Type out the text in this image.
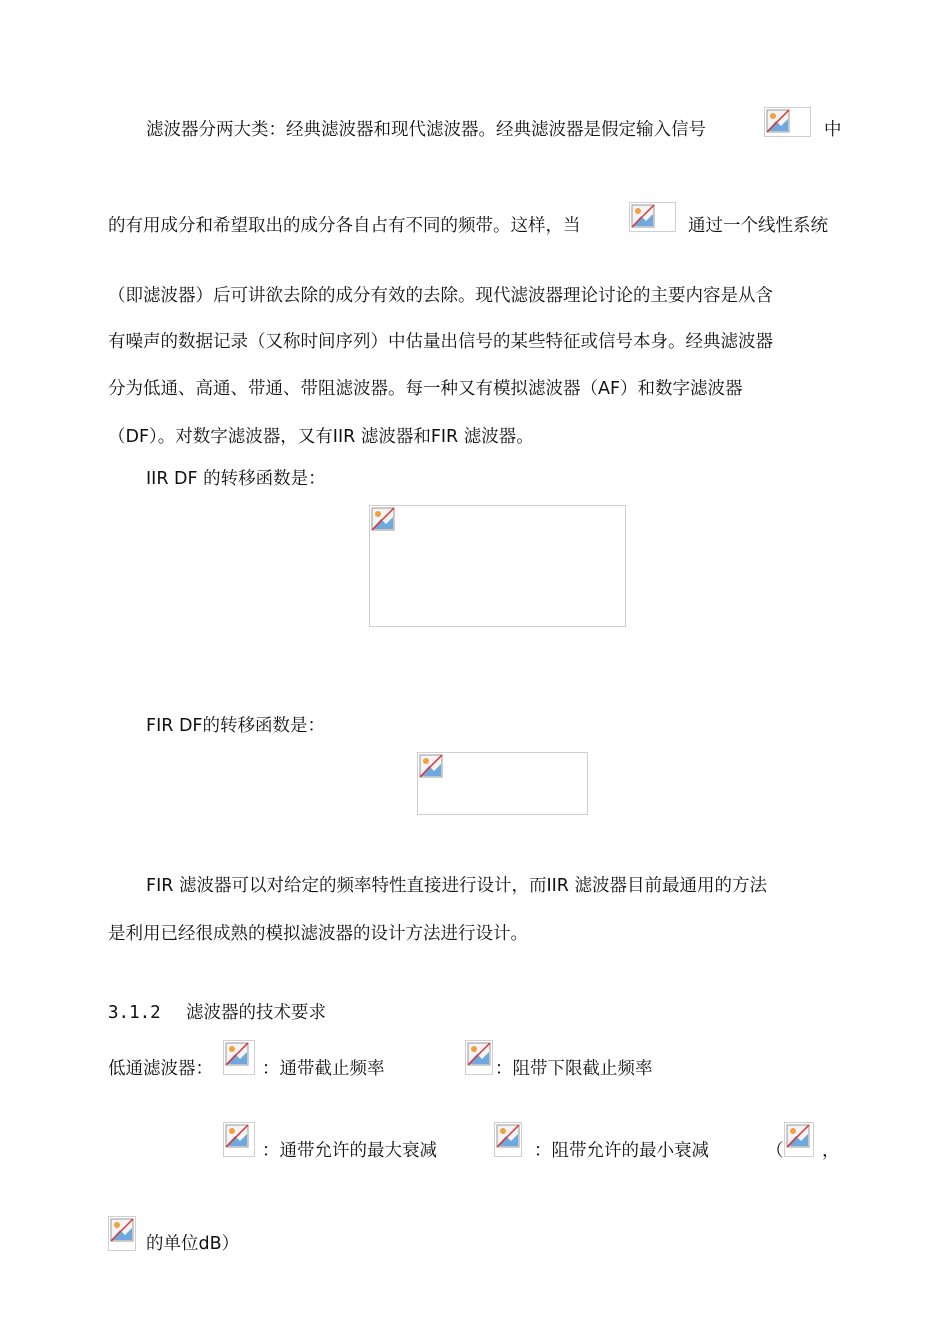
滤波器分两大类：经典滤波器和现代滤波器。经典滤波器是假定输入信号	中
的有用成分和希望取出的成分各自占有不同的频带。这样，当	通过一个线性系统
（即滤波器）后可讲欲去除的成分有效的去除。现代滤波器理论讨论的主要内容是从含
有噪声的数据记录（又称时间序列）中估量出信号的某些特征或信号本身。经典滤波器
分为低通、高通、带通、带阻滤波器。每一种又有模拟滤波器（AF）和数字滤波器
（DF）。对数字滤波器，又有IIR 滤波器和FIR 滤波器。
IIR DF 的转移函数是：
FIR DF的转移函数是：
FIR 滤波器可以对给定的频率特性直接进行设计，而IIR 滤波器目前最通用的方法
是利用已经很成熟的模拟滤波器的设计方法进行设计。
3.1.2 滤波器的技术要求
低通滤波器：	：通带截止频率	：阻带下限截止频率
：通带允许的最大衰减	：阻带允许的最小衰减	（ ，
的单位dB）
